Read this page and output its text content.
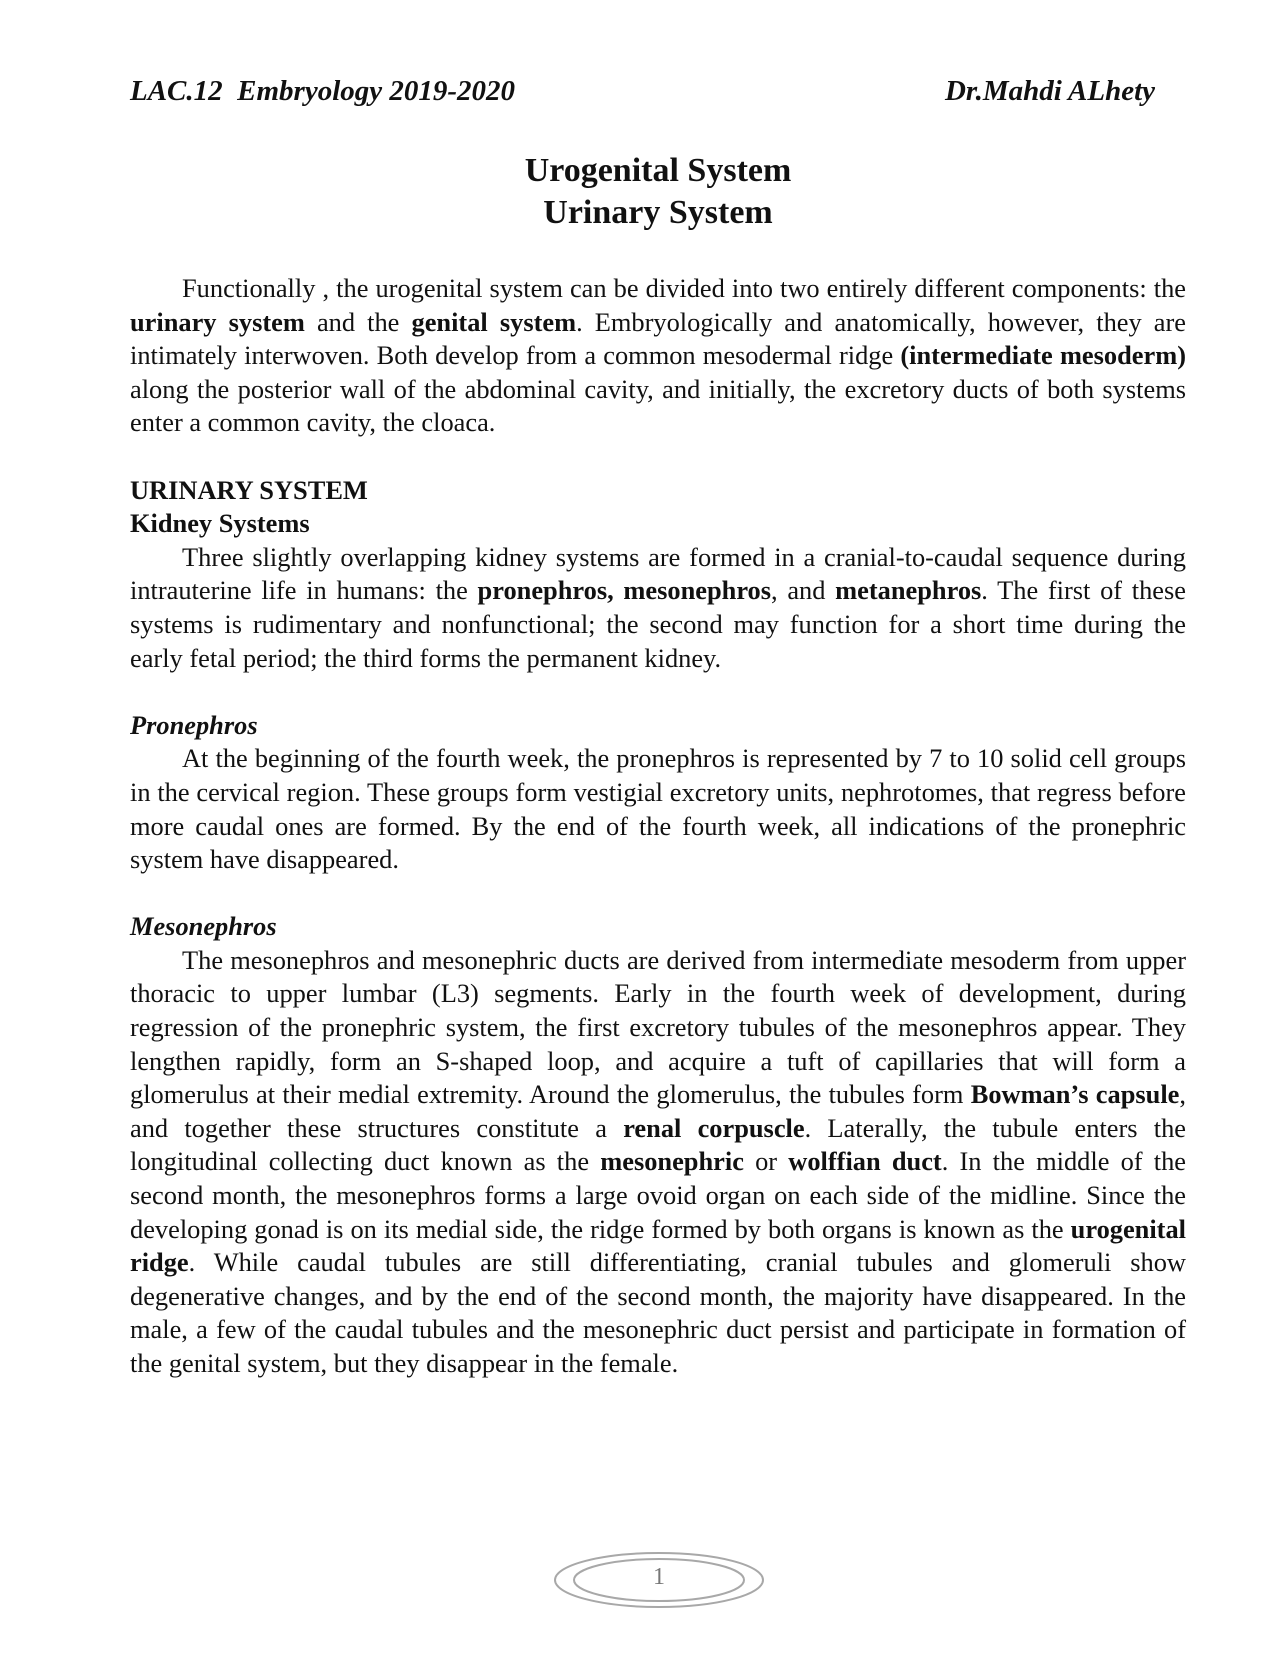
LAC.12  Embryology 2019-2020	Dr.Mahdi ALhety
Urogenital System
Urinary System

Functionally , the urogenital system can be divided into two entirely different components: the urinary system and the genital system. Embryologically and anatomically, however, they are intimately interwoven. Both develop from a common mesodermal ridge (intermediate mesoderm) along the posterior wall of the abdominal cavity, and initially, the excretory ducts of both systems enter a common cavity, the cloaca.

URINARY SYSTEM
Kidney Systems

Three slightly overlapping kidney systems are formed in a cranial-to-caudal sequence during intrauterine life in humans: the pronephros, mesonephros, and metanephros. The first of these systems is rudimentary and nonfunctional; the second may function for a short time during the early fetal period; the third forms the permanent kidney.

Pronephros

At the beginning of the fourth week, the pronephros is represented by 7 to 10 solid cell groups in the cervical region. These groups form vestigial excretory units, nephrotomes, that regress before more caudal ones are formed. By the end of the fourth week, all indications of the pronephric system have disappeared.

Mesonephros

The mesonephros and mesonephric ducts are derived from intermediate mesoderm from upper thoracic to upper lumbar (L3) segments. Early in the fourth week of development, during regression of the pronephric system, the first excretory tubules of the mesonephros appear. They lengthen rapidly, form an S-shaped loop, and acquire a tuft of capillaries that will form a glomerulus at their medial extremity. Around the glomerulus, the tubules form Bowman’s capsule, and together these structures constitute a renal corpuscle. Laterally, the tubule enters the longitudinal collecting duct known as the mesonephric or wolffian duct. In the middle of the second month, the mesonephros forms a large ovoid organ on each side of the midline. Since the developing gonad is on its medial side, the ridge formed by both organs is known as the urogenital ridge. While caudal tubules are still differentiating, cranial tubules and glomeruli show degenerative changes, and by the end of the second month, the majority have disappeared. In the male, a few of the caudal tubules and the mesonephric duct persist and participate in formation of the genital system, but they disappear in the female.

1
